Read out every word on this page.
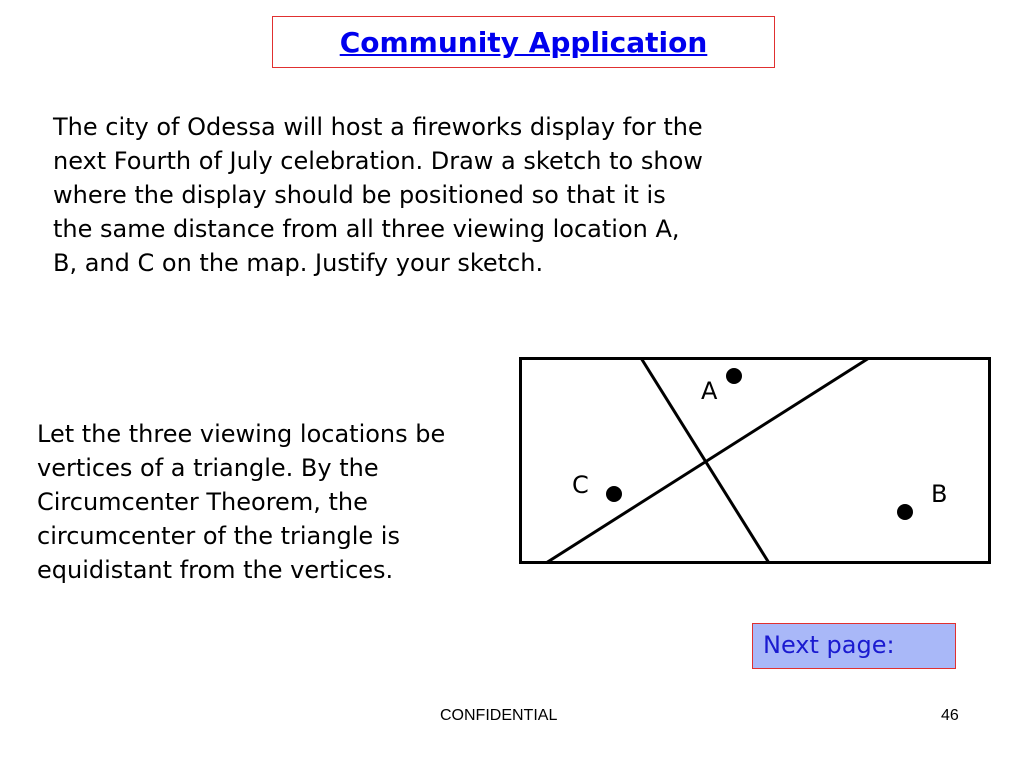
Community Application

The city of Odessa will host a fireworks display for the next Fourth of July celebration. Draw a sketch to show where the display should be positioned so that it is the same distance from all three viewing location A, B, and C on the map. Justify your sketch.

Let the three viewing locations be vertices of a triangle. By the Circumcenter Theorem, the circumcenter of the triangle is equidistant from the vertices.

A
B
C
Next page:
CONFIDENTIAL	46
